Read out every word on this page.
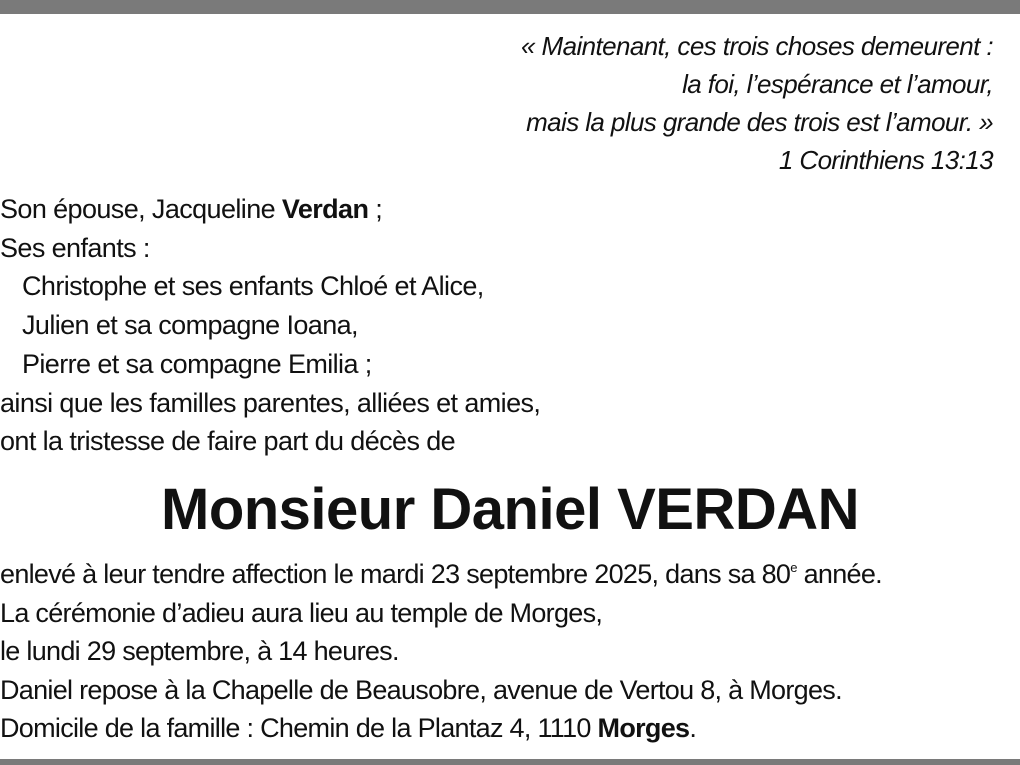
« Maintenant, ces trois choses demeurent :
la foi, l’espérance et l’amour,
mais la plus grande des trois est l’amour. »
1 Corinthiens 13:13
Son épouse, Jacqueline Verdan ;
Ses enfants :
Christophe et ses enfants Chloé et Alice,
Julien et sa compagne Ioana,
Pierre et sa compagne Emilia ;
ainsi que les familles parentes, alliées et amies,
ont la tristesse de faire part du décès de
Monsieur Daniel VERDAN
enlevé à leur tendre affection le mardi 23 septembre 2025, dans sa 80e année.
La cérémonie d’adieu aura lieu au temple de Morges,
le lundi 29 septembre, à 14 heures.
Daniel repose à la Chapelle de Beausobre, avenue de Vertou 8, à Morges.
Domicile de la famille : Chemin de la Plantaz 4, 1110 Morges.
